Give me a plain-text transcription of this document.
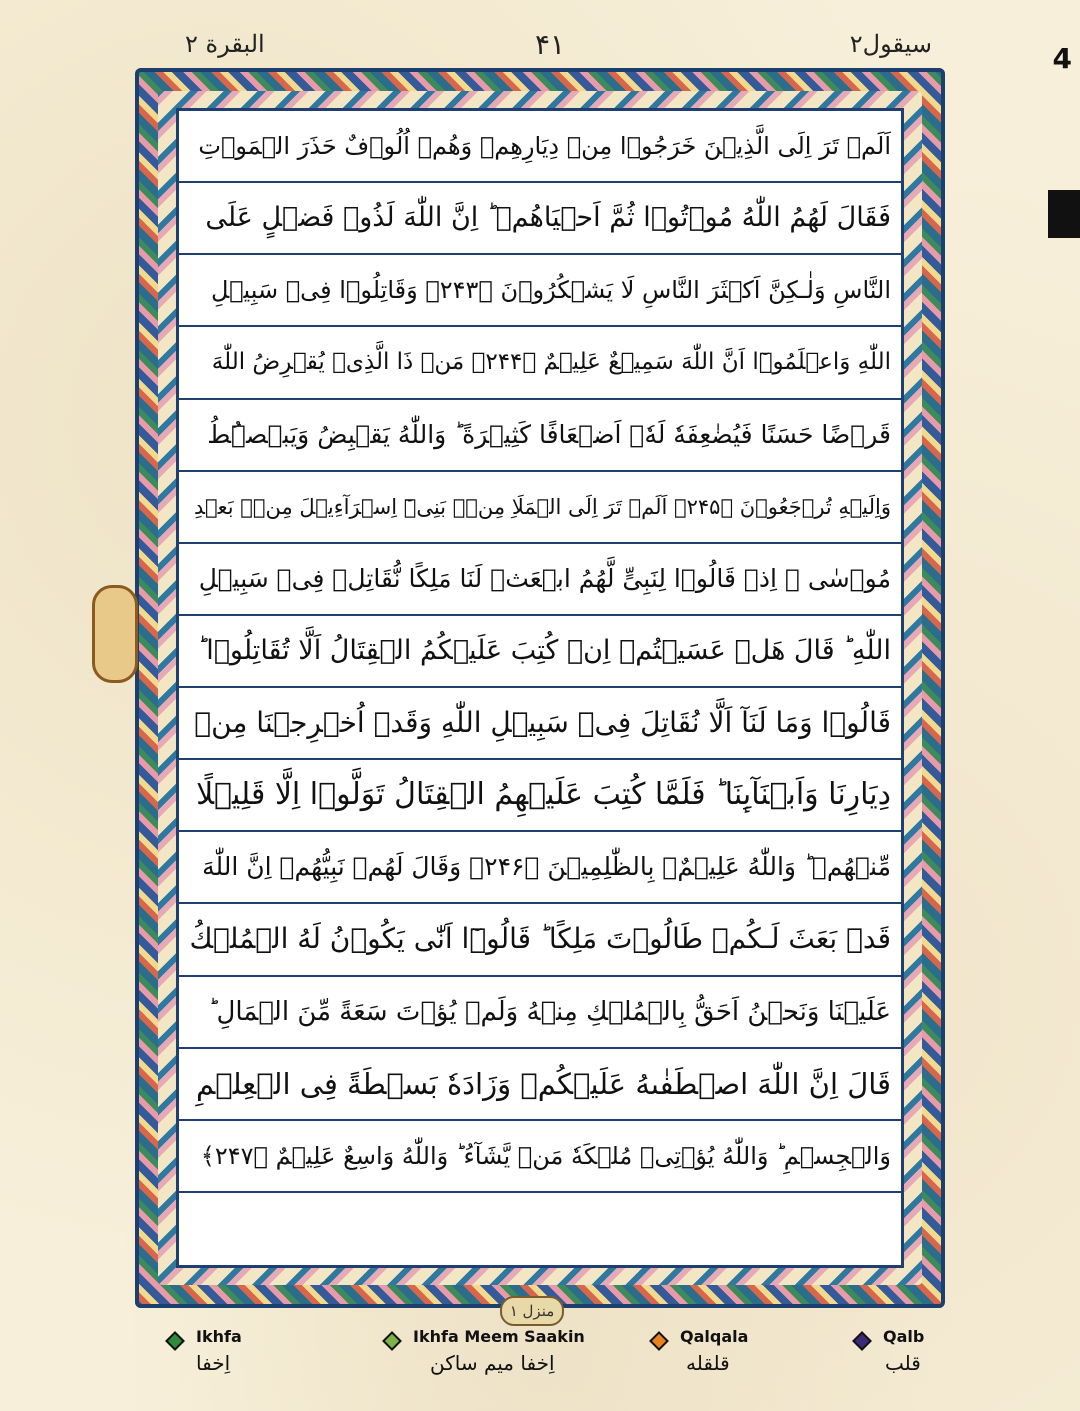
سيقول۲
۴۱
البقرة ۲	4
اَلَمۡ تَرَ اِلَى الَّذِيۡنَ خَرَجُوۡا مِنۡ دِيَارِهِمۡ وَهُمۡ اُلُوۡفٌ حَذَرَ الۡمَوۡتِ
فَقَالَ لَهُمُ اللّٰهُ مُوۡتُوۡا ثُمَّ اَحۡيَاهُمۡ ؕ اِنَّ اللّٰهَ لَذُوۡ فَضۡلٍ عَلَى
النَّاسِ وَلٰـكِنَّ اَكۡثَرَ النَّاسِ لَا يَشۡکُرُوۡنَ ﴿۲۴۳﴾ وَقَاتِلُوۡا فِىۡ سَبِيۡلِ
اللّٰهِ وَاعۡلَمُوۡٓا اَنَّ اللّٰهَ سَمِيۡعٌ عَلِيۡمٌ ﴿۲۴۴﴾ مَنۡ ذَا الَّذِىۡ يُقۡرِضُ اللّٰهَ
قَرۡضًا حَسَنًا فَيُضٰعِفَهٗ لَهٗۤ اَضۡعَافًا كَثِيۡرَةً ؕ وَاللّٰهُ يَقۡبِضُ وَيَبۡصُۜطُ
وَاِلَيۡهِ تُرۡجَعُوۡنَ ﴿۲۴۵﴾ اَلَمۡ تَرَ اِلَى الۡمَلَاِ مِنۡۢ بَنِىۡٓ اِسۡرَآءِيۡلَ مِنۡۢ بَعۡدِ
مُوۡسٰى ۘ اِذۡ قَالُوۡا لِنَبِىٍّ لَّهُمُ ابۡعَثۡ لَنَا مَلِكًا نُّقَاتِلۡ فِىۡ سَبِيۡلِ
اللّٰهِ ؕ قَالَ هَلۡ عَسَيۡتُمۡ اِنۡ كُتِبَ عَلَيۡكُمُ الۡقِتَالُ اَلَّا تُقَاتِلُوۡا ؕ
قَالُوۡا وَمَا لَنَآ اَلَّا نُقَاتِلَ فِىۡ سَبِيۡلِ اللّٰهِ وَقَدۡ اُخۡرِجۡنَا مِنۡ
دِيَارِنَا وَاَبۡنَآٮِٕنَا ؕ فَلَمَّا كُتِبَ عَلَيۡهِمُ الۡقِتَالُ تَوَلَّوۡا اِلَّا قَلِيۡلًا
مِّنۡهُمۡ ؕ وَاللّٰهُ عَلِيۡمٌۢ بِالظّٰلِمِيۡنَ ﴿۲۴۶﴾ وَقَالَ لَهُمۡ نَبِيُّهُمۡ اِنَّ اللّٰهَ
قَدۡ بَعَثَ لَـكُمۡ طَالُوۡتَ مَلِكًا ؕ قَالُوۡٓا اَنّٰى يَكُوۡنُ لَهُ الۡمُلۡكُ
عَلَيۡنَا وَنَحۡنُ اَحَقُّ بِالۡمُلۡكِ مِنۡهُ وَلَمۡ يُؤۡتَ سَعَةً مِّنَ الۡمَالِ ؕ
قَالَ اِنَّ اللّٰهَ اصۡطَفٰٮهُ عَلَيۡكُمۡ وَزَادَهٗ بَسۡطَةً فِى الۡعِلۡمِ
وَالۡجِسۡمِ ؕ وَاللّٰهُ يُؤۡتِىۡ مُلۡكَهٗ مَنۡ يَّشَآءُ ؕ وَاللّٰهُ وَاسِعٌ عَلِيۡمٌ ﴿۲۴۷﴾
منزل ١
Ikhfa
اِخفا
Ikhfa Meem Saakin
اِخفا میم ساکن
Qalqala
قلقله
Qalb
قلب
